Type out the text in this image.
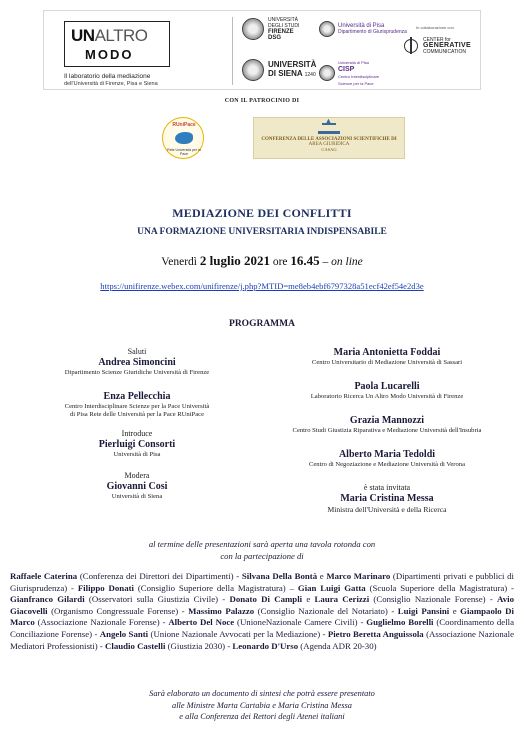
UNALTRO
MODO
Il laboratorio della mediazione
dell'Università di Firenze, Pisa e Siena
UNIVERSITÀ
DEGLI STUDI
FIRENZE
DSG
UNIVERSITÀ
DI SIENA 1240
Università di Pisa
Dipartimento di Giurisprudenza
Università di Pisa
CISP
Centro Interdisciplinare
Scienze per la Pace
In collaborazione con
CENTER for
GENERATIVE
COMMUNICATION
CON IL PATROCINIO DI
RUniPace
Rete Università per la Pace
▲
CONFERENZA DELLE ASSOCIAZIONI SCIENTIFICHE DI
AREA GIURIDICA
CASAG
MEDIAZIONE DEI CONFLITTI
UNA FORMAZIONE UNIVERSITARIA INDISPENSABILE
Venerdì 2 luglio 2021 ore 16.45 – on line
https://unifirenze.webex.com/unifirenze/j.php?MTID=me8eb4ebf6797328a51ecf42ef54e2d3e
PROGRAMMA
Saluti
Andrea Simoncini
Dipartimento Scienze Giuridiche Università di Firenze
Enza Pellecchia
Centro Interdisciplinare Scienze per la Pace Università
di Pisa Rete delle Università per la Pace RUniPace
Introduce
Pierluigi Consorti
Università di Pisa
Modera
Giovanni Cosi
Università di Siena
Maria Antonietta Foddai
Centro Universitario di Mediazione Università di Sassari
Paola Lucarelli
Laboratorio Ricerca Un Altro Modo Università di Firenze
Grazia Mannozzi
Centro Studi Giustizia Riparativa e Mediazione Università dell'Insubria
Alberto Maria Tedoldi
Centro di Negoziazione e Mediazione Università di Verona
è stata invitata
Maria Cristina Messa
Ministra dell'Università e della Ricerca
al termine delle presentazioni sarà aperta una tavola rotonda con
con la partecipazione di
Raffaele Caterina (Conferenza dei Direttori dei Dipartimenti) - Silvana Della Bontà e Marco Marinaro (Dipartimenti privati e pubblici di Giurisprudenza) - Filippo Donati (Consiglio Superiore della Magistratura) – Gian Luigi Gatta (Scuola Superiore della Magistratura) - Gianfranco Gilardi (Osservatori sulla Giustizia Civile) - Donato Di Campli e Laura Cerizzi (Consiglio Nazionale Forense) - Avio Giacovelli (Organismo Congressuale Forense) - Massimo Palazzo (Consiglio Nazionale del Notariato) - Luigi Pansini e Giampaolo Di Marco (Associazione Nazionale Forense) - Alberto Del Noce (UnioneNazionale Camere Civili) - Guglielmo Borelli (Coordinamento della Conciliazione Forense) - Angelo Santi (Unione Nazionale Avvocati per la Mediazione) - Pietro Beretta Anguissola (Associazione Nazionale Mediatori Professionisti) - Claudio Castelli (Giustizia 2030) - Leonardo D'Urso (Agenda ADR 20-30)
Sarà elaborato un documento di sintesi che potrà essere presentato
alle Ministre Marta Cartabia e Maria Cristina Messa
e alla Conferenza dei Rettori degli Atenei italiani
